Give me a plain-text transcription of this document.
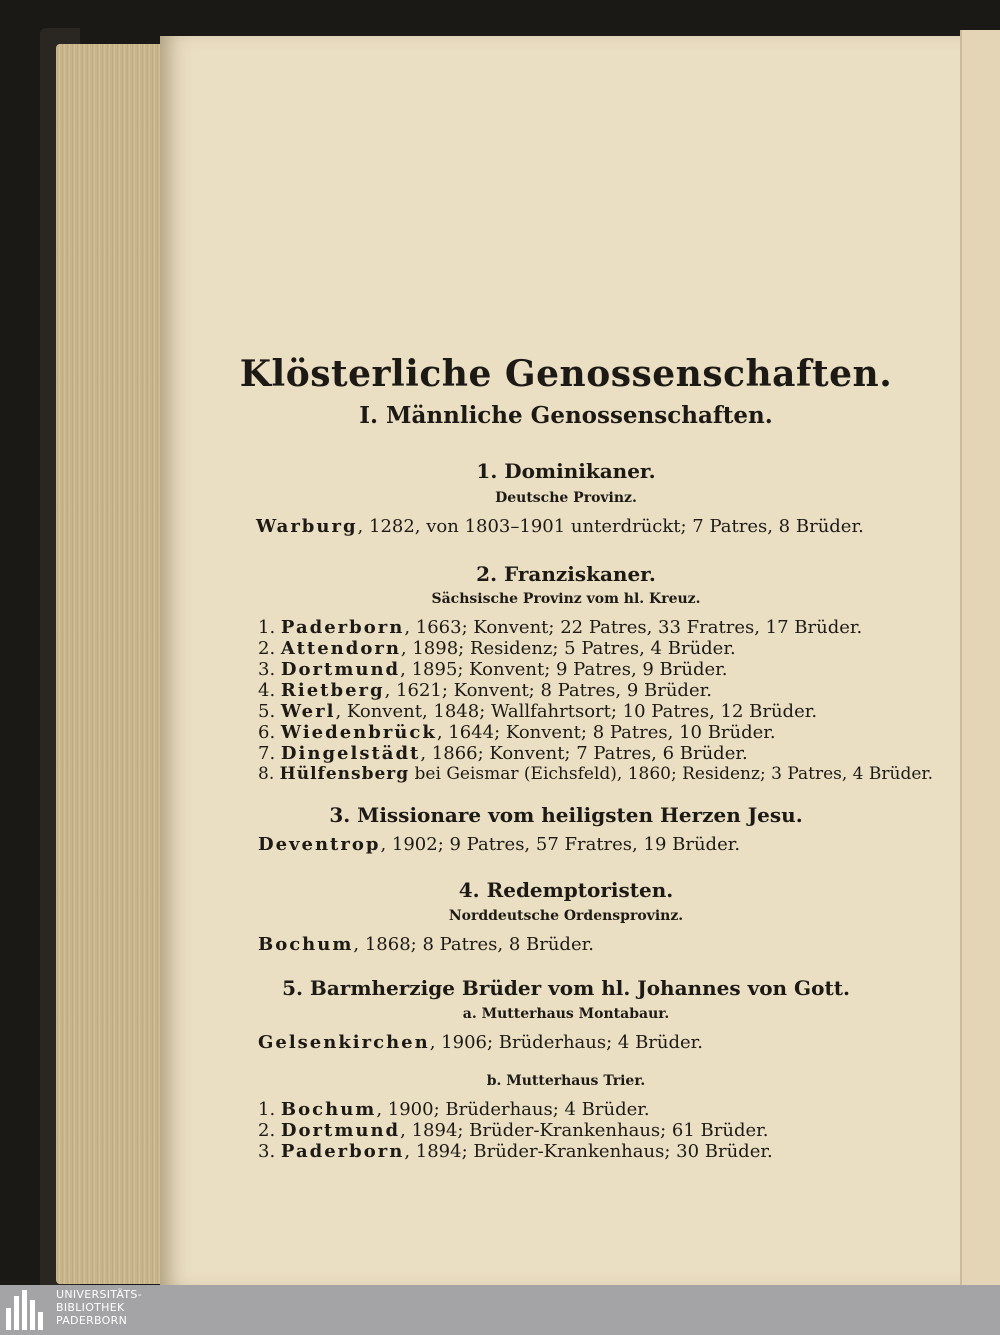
Klösterliche Genossenschaften.
I. Männliche Genossenschaften.
1. Dominikaner.
Deutsche Provinz.
Warburg, 1282, von 1803–1901 unterdrückt; 7 Patres, 8 Brüder.
2. Franziskaner.
Sächsische Provinz vom hl. Kreuz.
1. Paderborn, 1663; Konvent; 22 Patres, 33 Fratres, 17 Brüder.
2. Attendorn, 1898; Residenz; 5 Patres, 4 Brüder.
3. Dortmund, 1895; Konvent; 9 Patres, 9 Brüder.
4. Rietberg, 1621; Konvent; 8 Patres, 9 Brüder.
5. Werl, Konvent, 1848; Wallfahrtsort; 10 Patres, 12 Brüder.
6. Wiedenbrück, 1644; Konvent; 8 Patres, 10 Brüder.
7. Dingelstädt, 1866; Konvent; 7 Patres, 6 Brüder.
8. Hülfensberg bei Geismar (Eichsfeld), 1860; Residenz; 3 Patres, 4 Brüder.
3. Missionare vom heiligsten Herzen Jesu.
Deventrop, 1902; 9 Patres, 57 Fratres, 19 Brüder.
4. Redemptoristen.
Norddeutsche Ordensprovinz.
Bochum, 1868; 8 Patres, 8 Brüder.
5. Barmherzige Brüder vom hl. Johannes von Gott.
a. Mutterhaus Montabaur.
Gelsenkirchen, 1906; Brüderhaus; 4 Brüder.
b. Mutterhaus Trier.
1. Bochum, 1900; Brüderhaus; 4 Brüder.
2. Dortmund, 1894; Brüder-Krankenhaus; 61 Brüder.
3. Paderborn, 1894; Brüder-Krankenhaus; 30 Brüder.
UNIVERSITÄTS-
BIBLIOTHEK
PADERBORN
